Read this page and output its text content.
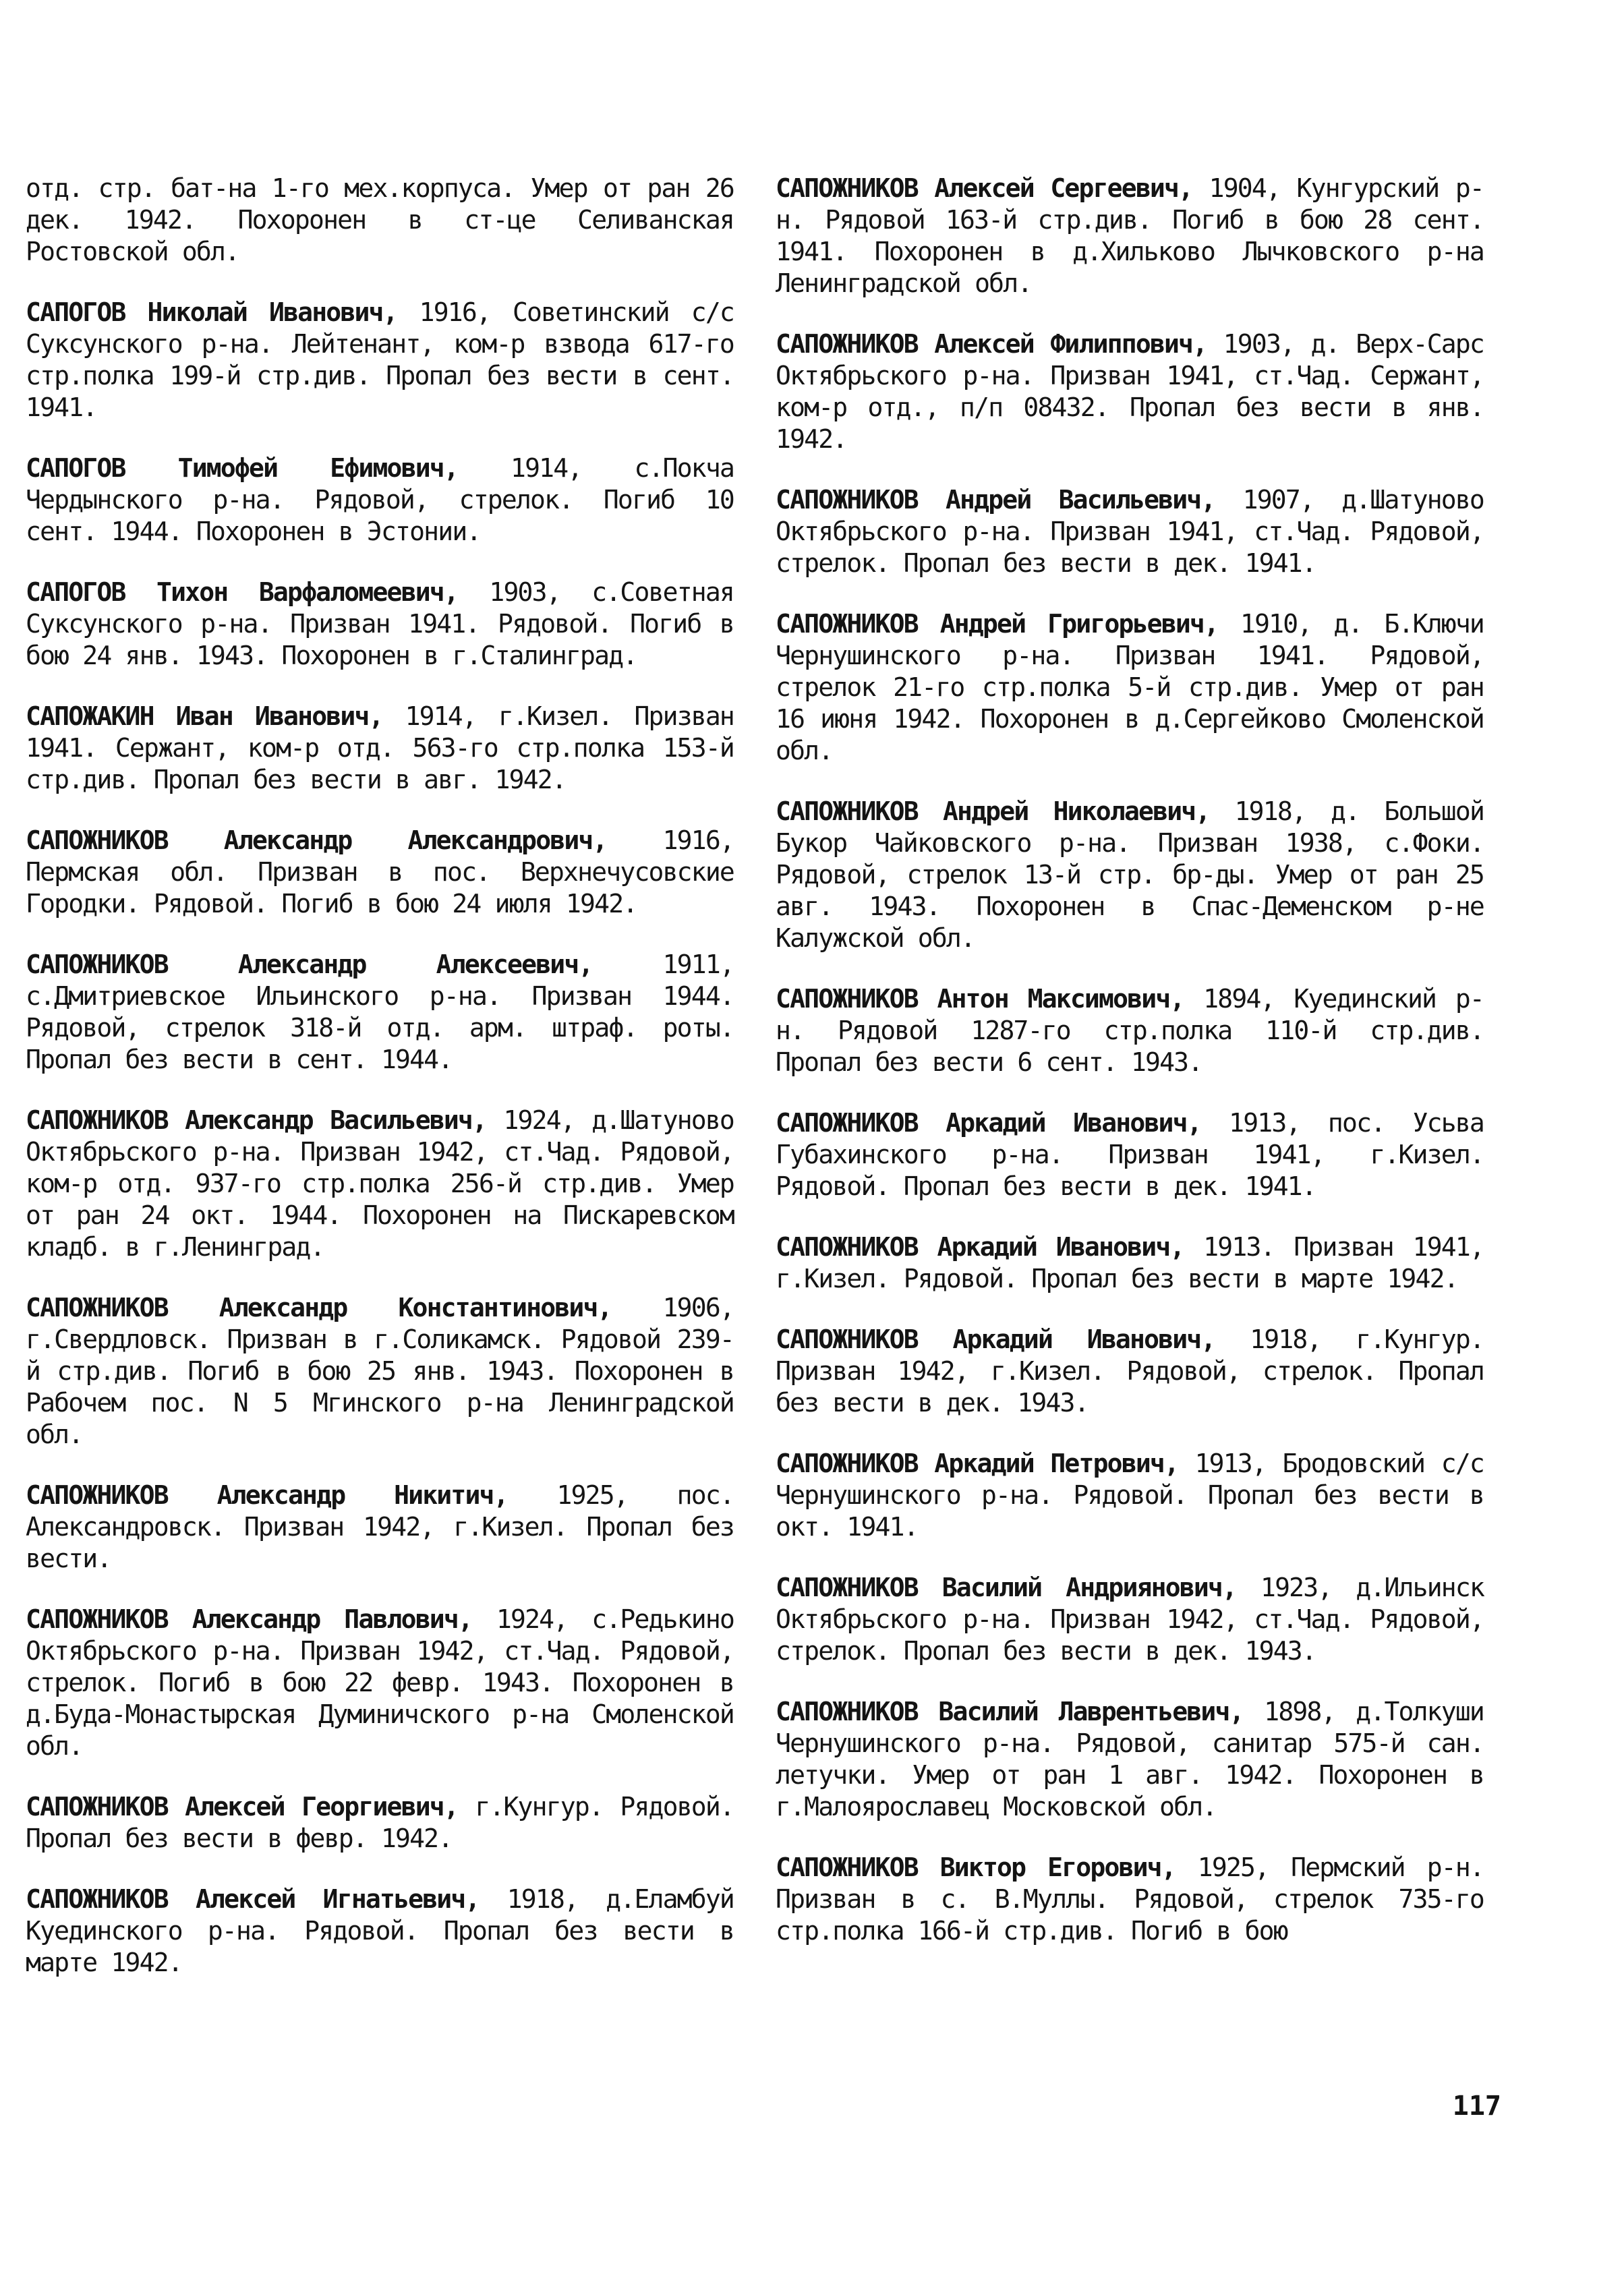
отд. стр. бат-на 1-го мех.корпуса. Умер от ран 26 дек. 1942. Похоронен в ст-це Селиванская Ростовской обл.

САПОГОВ Николай Иванович, 1916, Советинский с/с Суксунского р-на. Лейтенант, ком-р взвода 617-го стр.полка 199-й стр.див. Пропал без вести в сент. 1941.

САПОГОВ Тимофей Ефимович, 1914, с.Покча Чердынского р-на. Рядовой, стрелок. Погиб 10 сент. 1944. Похоронен в Эстонии.

САПОГОВ Тихон Варфаломеевич, 1903, с.Советная Суксунского р-на. Призван 1941. Рядовой. Погиб в бою 24 янв. 1943. Похоронен в г.Сталинград.

САПОЖАКИН Иван Иванович, 1914, г.Кизел. Призван 1941. Сержант, ком-р отд. 563-го стр.полка 153-й стр.див. Пропал без вести в авг. 1942.

САПОЖНИКОВ Александр Александрович, 1916, Пермская обл. Призван в пос. Верхнечусовские Городки. Рядовой. Погиб в бою 24 июля 1942.

САПОЖНИКОВ Александр Алексеевич,	1911, с.Дмитриевское Ильинского р-на. Призван 1944. Рядовой, стрелок 318-й отд. арм. штраф. роты. Пропал без вести в сент. 1944.

САПОЖНИКОВ Александр Васильевич, 1924, д.Шатуново Октябрьского р-на. Призван 1942, ст.Чад. Рядовой, ком-р отд. 937-го стр.полка 256-й стр.див. Умер от ран 24 окт. 1944. Похоронен на Пискаревском кладб. в г.Ленинград.

САПОЖНИКОВ Александр Константинович, 1906, г.Свердловск. Призван в г.Соликамск. Рядовой 239-й стр.див. Погиб в бою 25 янв. 1943. Похоронен в Рабочем пос. N 5 Мгинского р-на Ленинградской обл.

САПОЖНИКОВ Александр Никитич, 1925, пос. Александровск. Призван 1942, г.Кизел. Пропал без вести.

САПОЖНИКОВ Александр Павлович, 1924, с.Редькино Октябрьского р-на. Призван 1942, ст.Чад. Рядовой, стрелок. Погиб в бою 22 февр. 1943. Похоронен в д.Буда-Монастырская Думиничского р-на Смоленской обл.

САПОЖНИКОВ Алексей Георгиевич, г.Кунгур. Рядовой. Пропал без вести в февр. 1942.

САПОЖНИКОВ Алексей Игнатьевич, 1918, д.Еламбуй Куединского р-на. Рядовой. Пропал без вести в марте 1942.

САПОЖНИКОВ Алексей Сергеевич, 1904, Кунгурский р-н. Рядовой 163-й стр.див. Погиб в бою 28 сент. 1941. Похоронен в д.Хильково Лычковского р-на Ленинградской обл.

САПОЖНИКОВ Алексей Филиппович, 1903, д. Верх-Сарс Октябрьского р-на. Призван 1941, ст.Чад. Сержант, ком-р отд., п/п 08432. Пропал без вести в янв. 1942.

САПОЖНИКОВ Андрей Васильевич, 1907, д.Шатуново Октябрьского р-на. Призван 1941, ст.Чад. Рядовой, стрелок. Пропал без вести в дек. 1941.

САПОЖНИКОВ Андрей Григорьевич, 1910, д. Б.Ключи Чернушинского р-на. Призван 1941. Рядовой, стрелок 21-го стр.полка 5-й стр.див. Умер от ран 16 июня 1942. Похоронен в д.Сергейково Смоленской обл.

САПОЖНИКОВ Андрей Николаевич, 1918, д. Большой Букор Чайковского р-на. Призван 1938, с.Фоки. Рядовой, стрелок 13-й стр. бр-ды. Умер от ран 25 авг. 1943. Похоронен в Спас-Деменском р-не Калужской обл.

САПОЖНИКОВ Антон Максимович, 1894, Куединский р-н. Рядовой 1287-го стр.полка 110-й стр.див. Пропал без вести 6 сент. 1943.

САПОЖНИКОВ Аркадий Иванович, 1913, пос. Усьва Губахинского р-на. Призван 1941, г.Кизел. Рядовой. Пропал без вести в дек. 1941.

САПОЖНИКОВ Аркадий Иванович, 1913. Призван 1941, г.Кизел. Рядовой. Пропал без вести в марте 1942.

САПОЖНИКОВ Аркадий Иванович, 1918, г.Кунгур. Призван 1942, г.Кизел. Рядовой, стрелок. Пропал без вести в дек. 1943.

САПОЖНИКОВ Аркадий Петрович, 1913, Бродовский с/с Чернушинского р-на. Рядовой. Пропал без вести в окт. 1941.

САПОЖНИКОВ Василий Андриянович, 1923, д.Ильинск Октябрьского р-на. Призван 1942, ст.Чад. Рядовой, стрелок. Пропал без вести в дек. 1943.

САПОЖНИКОВ Василий Лаврентьевич, 1898, д.Толкуши Чернушинского р-на. Рядовой, санитар 575-й сан. летучки. Умер от ран 1 авг. 1942. Похоронен в г.Малоярославец Московской обл.

САПОЖНИКОВ Виктор Егорович, 1925, Пермский р-н. Призван в с. В.Муллы. Рядовой, стрелок 735-го стр.полка 166-й стр.див. Погиб в бою

117
